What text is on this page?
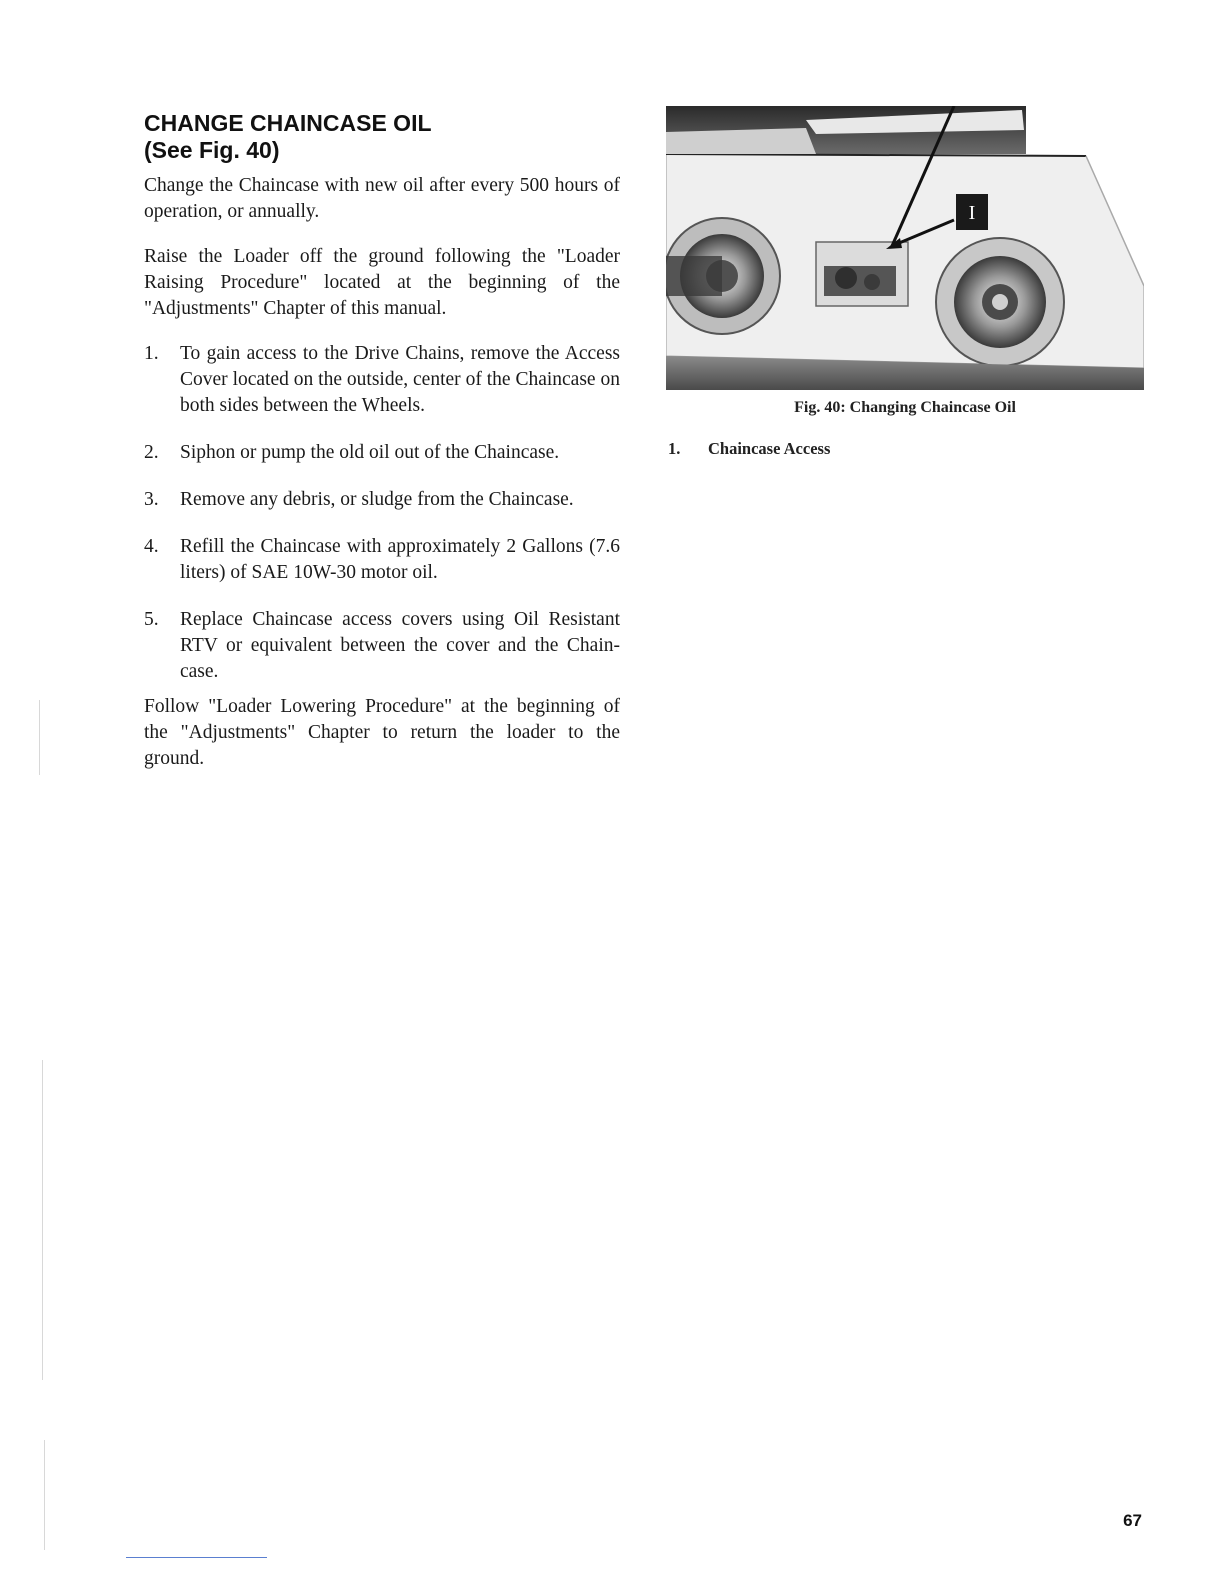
CHANGE CHAINCASE OIL
(See Fig. 40)

Change the Chaincase with new oil after every 500 hours of operation, or annually.

Raise the Loader off the ground following the "Loader Raising Procedure" located at the beginning of the "Adjustments" Chapter of this manual.

1.	To gain access to the Drive Chains, remove the Access Cover located on the outside, center of the Chaincase on both sides between the Wheels.
2.	Siphon or pump the old oil out of the Chaincase.
3.	Remove any debris, or sludge from the Chaincase.
4.	Refill the Chaincase with approximately 2 Gallons (7.6 liters) of SAE 10W-30 motor oil.
5.	Replace Chaincase access covers using Oil Resistant RTV or equivalent between the cover and the Chain-case.

Follow "Loader Lowering Procedure" at the beginning of the "Adjustments" Chapter to return the loader to the ground.

I
Fig. 40: Changing Chaincase Oil
1.	Chaincase Access
67
